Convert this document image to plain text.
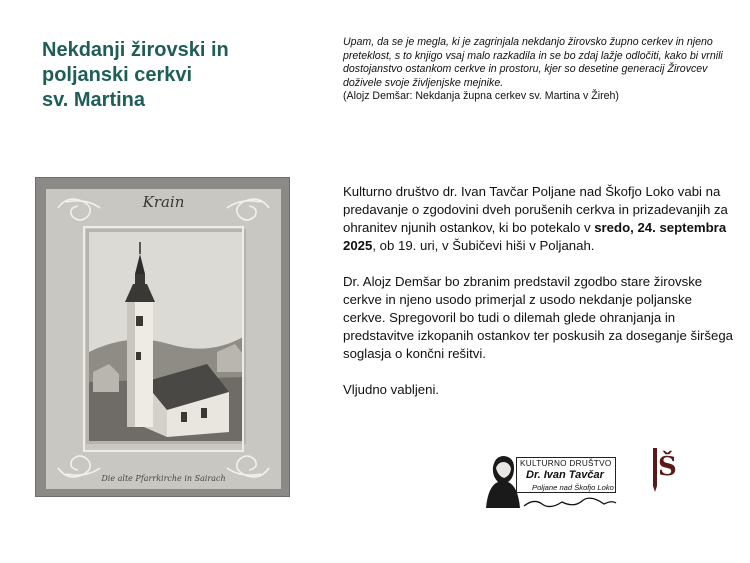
Nekdanji žirovski in
poljanski cerkvi
sv. Martina
Upam, da se je megla, ki je zagrinjala nekdanjo žirovsko župno cerkev in njeno preteklost, s to knjigo vsaj malo razkadila in se bo zdaj lažje odločiti, kako bi vrnili dostojanstvo ostankom cerkve in prostoru, kjer so desetine generacij Žirovcev doživele svoje življenjske mejnike.
(Alojz Demšar: Nekdanja župna cerkev sv. Martina v Žireh)
Krain
Die alte Pfarrkirche in Sairach

Kulturno društvo dr. Ivan Tavčar Poljane nad Škofjo Loko vabi na predavanje o zgodovini dveh porušenih cerkva in prizadevanjih za ohranitev njunih ostankov, ki bo potekalo v sredo, 24. septembra 2025, ob 19. uri, v Šubičevi hiši v Poljanah.

Dr. Alojz Demšar bo zbranim predstavil zgodbo stare žirovske cerkve in njeno usodo primerjal z usodo nekdanje poljanske cerkve. Spregovoril bo tudi o dilemah glede ohranjanja in predstavitve izkopanih ostankov ter poskusih za doseganje širšega soglasja o končni rešitvi.

Vljudno vabljeni.

KULTURNO DRUŠTVO
Dr. Ivan Tavčar
Poljane nad Škofjo Loko
Š
